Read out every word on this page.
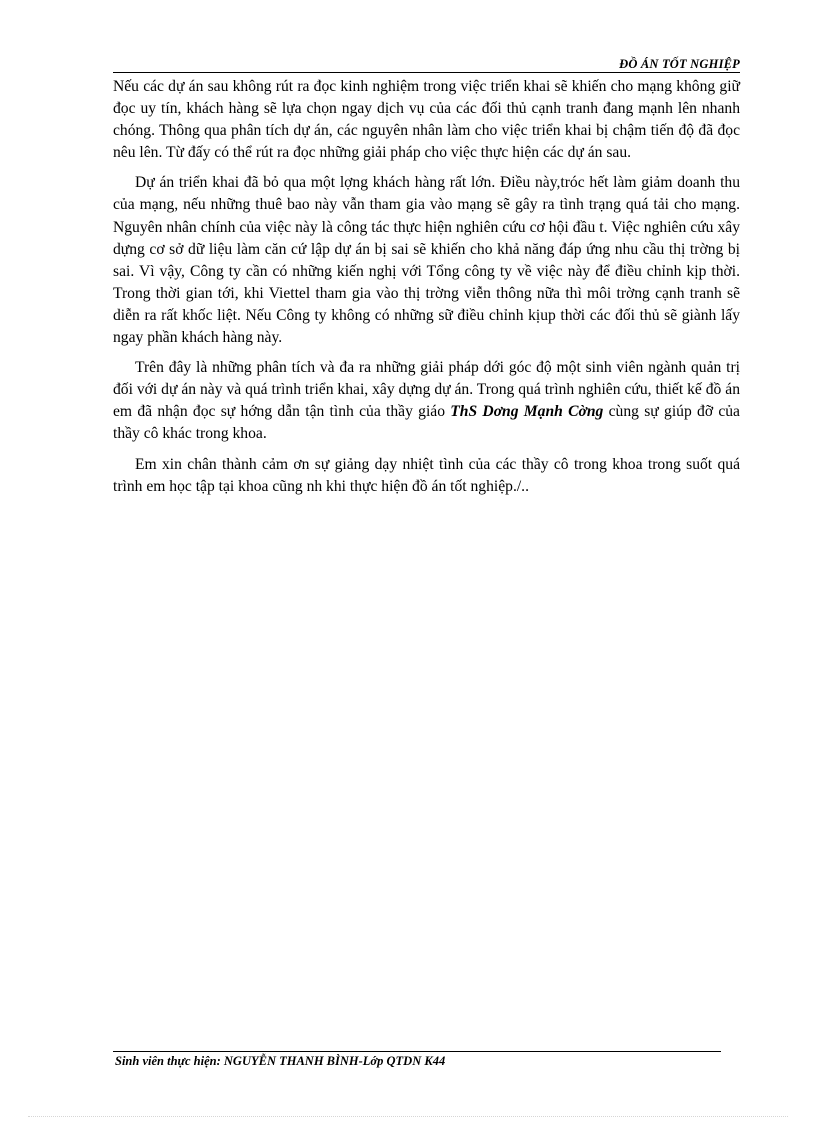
ĐỒ ÁN TỐT NGHIỆP

Nếu các dự án sau không rút ra đọc kinh nghiệm trong việc triển khai sẽ khiến cho mạng không giữ đọc uy tín, khách hàng sẽ lựa chọn ngay dịch vụ của các đối thủ cạnh tranh đang mạnh lên nhanh chóng. Thông qua phân tích dự án, các nguyên nhân làm cho việc triển khai bị chậm tiến độ đã đọc nêu lên. Từ đấy có thể rút ra đọc những giải pháp cho việc thực hiện các dự án sau.

Dự án triển khai đã bỏ qua một lợng khách hàng rất lớn. Điều này,tróc hết làm giảm doanh thu của mạng, nếu những thuê bao này vẫn tham gia vào mạng sẽ gây ra tình trạng quá tải cho mạng. Nguyên nhân chính của việc này là công tác thực hiện nghiên cứu cơ hội đầu t. Việc nghiên cứu xây dựng cơ sở dữ liệu làm căn cứ lập dự án bị sai sẽ khiến cho khả năng đáp ứng nhu cầu thị trờng bị sai. Vì vậy, Công ty cần có những kiến nghị với Tổng công ty về việc này để điều chỉnh kịp thời. Trong thời gian tới, khi Viettel tham gia vào thị trờng viễn thông nữa thì môi trờng cạnh tranh sẽ diễn ra rất khốc liệt. Nếu Công ty không có những sữ điều chỉnh kịup thời các đối thủ sẽ giành lấy ngay phần khách hàng này.

Trên đây là những phân tích và đa ra những giải pháp dới góc độ một sinh viên ngành quản trị đối với dự án này và quá trình triển khai, xây dựng dự án. Trong quá trình nghiên cứu, thiết kế đồ án em đã nhận đọc sự hớng dẫn tận tình của thầy giáo ThS Dơng Mạnh Cờng cùng sự giúp đỡ của thầy cô khác trong khoa.

Em xin chân thành cảm ơn sự giảng dạy nhiệt tình của các thầy cô trong khoa trong suốt quá trình em học tập tại khoa cũng nh khi thực hiện đồ án tốt nghiệp./..

Sinh viên thực hiện: NGUYỄN THANH BÌNH-Lớp QTDN K44
